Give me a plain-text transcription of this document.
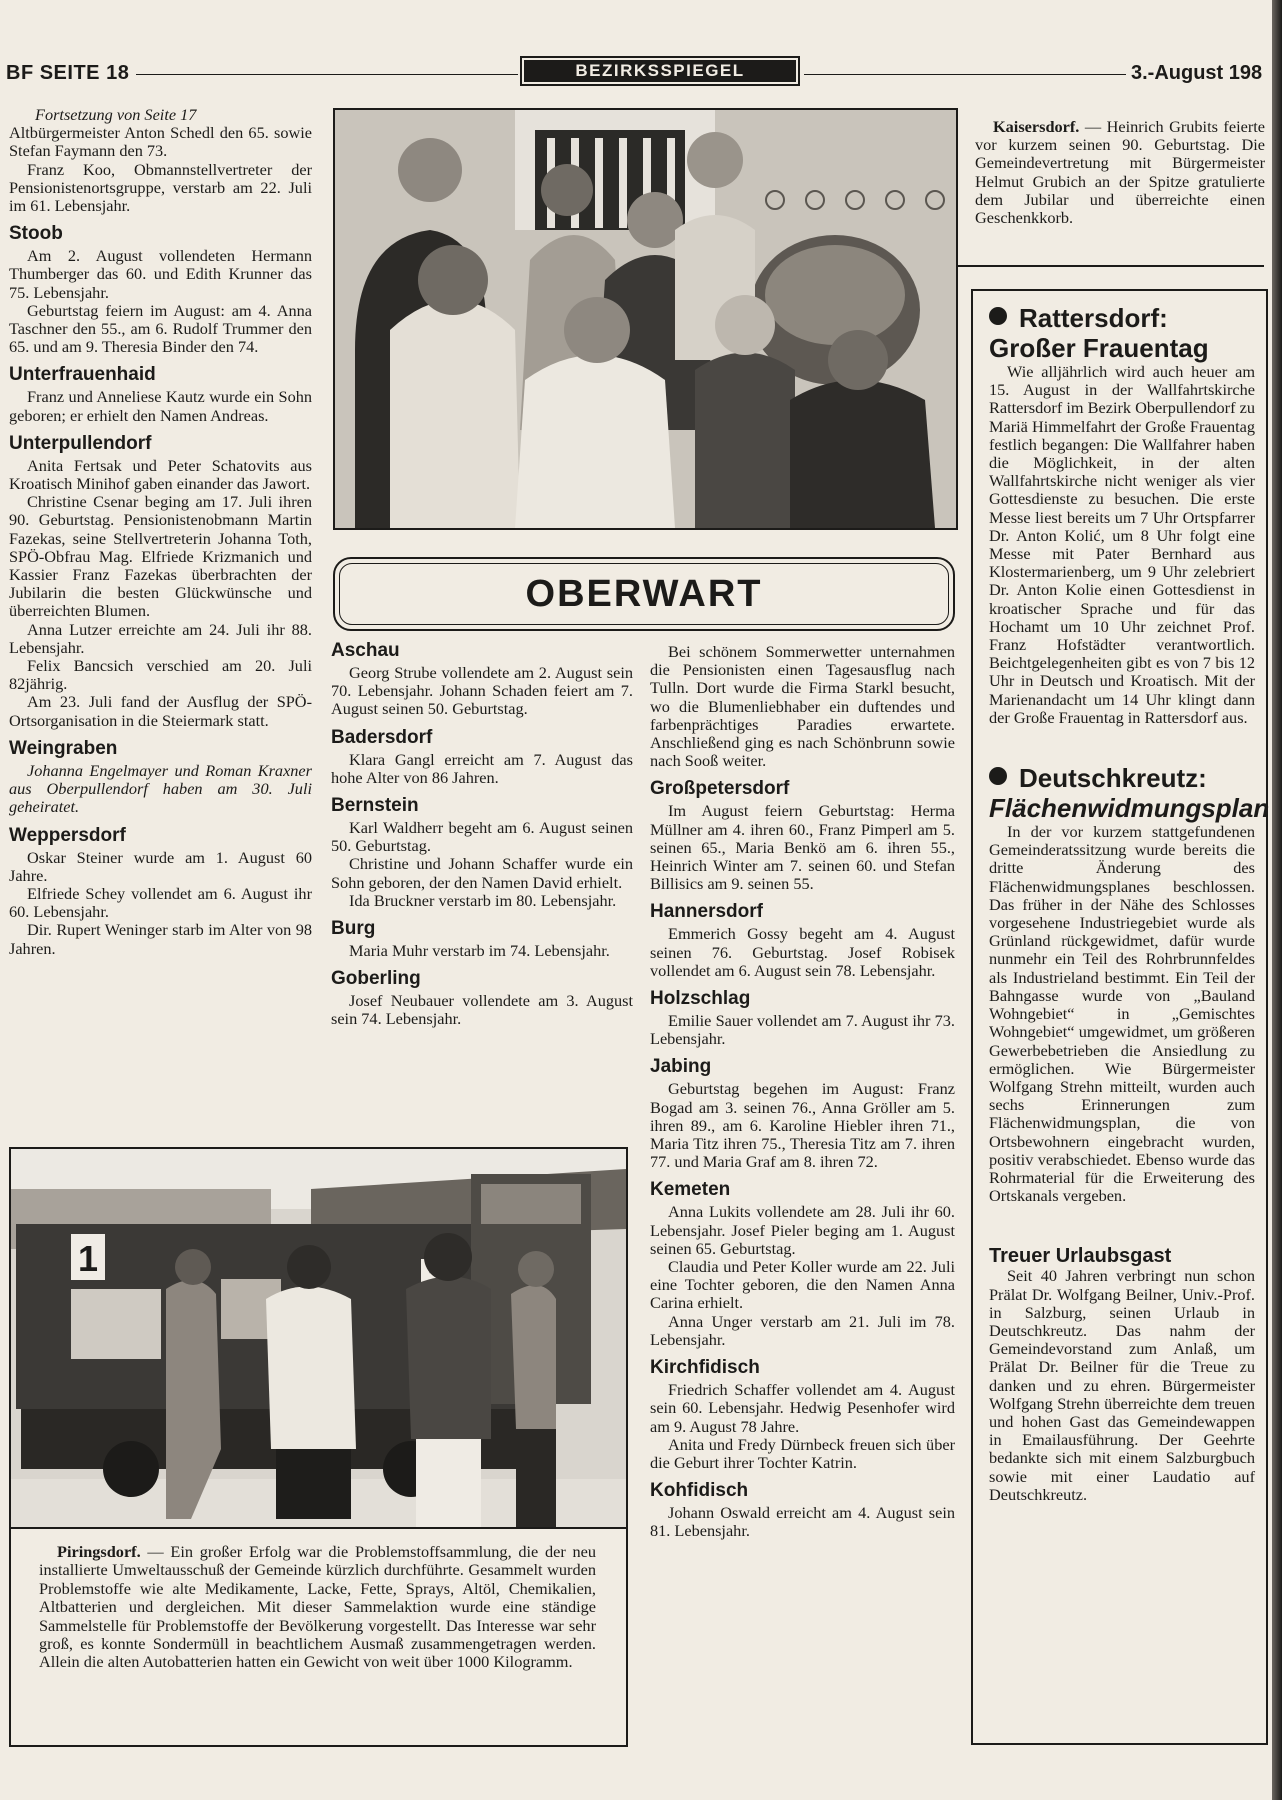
BF SEITE 18	BEZIRKSSPIEGEL	3.-August 198

Fortsetzung von Seite 17

Altbürgermeister Anton Schedl den 65. sowie Stefan Faymann den 73.

Franz Koo, Obmannstellvertreter der Pensionistenortsgruppe, verstarb am 22. Juli im 61. Lebensjahr.

Stoob

Am 2. August vollendeten Hermann Thumberger das 60. und Edith Krunner das 75. Lebensjahr.

Geburtstag feiern im August: am 4. Anna Taschner den 55., am 6. Rudolf Trummer den 65. und am 9. Theresia Binder den 74.

Unterfrauenhaid

Franz und Anneliese Kautz wurde ein Sohn geboren; er erhielt den Namen Andreas.

Unterpullendorf

Anita Fertsak und Peter Schatovits aus Kroatisch Minihof gaben einander das Jawort.

Christine Csenar beging am 17. Juli ihren 90. Geburtstag. Pensionistenobmann Martin Fazekas, seine Stellvertreterin Johanna Toth, SPÖ-Obfrau Mag. Elfriede Krizmanich und Kassier Franz Fazekas überbrachten der Jubilarin die besten Glückwünsche und überreichten Blumen.

Anna Lutzer erreichte am 24. Juli ihr 88. Lebensjahr.

Felix Bancsich verschied am 20. Juli 82jährig.

Am 23. Juli fand der Ausflug der SPÖ-Ortsorganisation in die Steiermark statt.

Weingraben

Johanna Engelmayer und Roman Kraxner aus Oberpullendorf haben am 30. Juli geheiratet.

Weppersdorf

Oskar Steiner wurde am 1. August 60 Jahre.

Elfriede Schey vollendet am 6. August ihr 60. Lebensjahr.

Dir. Rupert Weninger starb im Alter von 98 Jahren.

OBERWART
Aschau

Georg Strube vollendete am 2. August sein 70. Lebensjahr. Johann Schaden feiert am 7. August seinen 50. Geburtstag.

Badersdorf

Klara Gangl erreicht am 7. August das hohe Alter von 86 Jahren.

Bernstein

Karl Waldherr begeht am 6. August seinen 50. Geburtstag.

Christine und Johann Schaffer wurde ein Sohn geboren, der den Namen David erhielt.

Ida Bruckner verstarb im 80. Lebensjahr.

Burg

Maria Muhr verstarb im 74. Lebensjahr.

Goberling

Josef Neubauer vollendete am 3. August sein 74. Lebensjahr.

Bei schönem Sommerwetter unternahmen die Pensionisten einen Tagesausflug nach Tulln. Dort wurde die Firma Starkl besucht, wo die Blumenliebhaber ein duftendes und farbenprächtiges Paradies erwartete. Anschließend ging es nach Schönbrunn sowie nach Sooß weiter.

Großpetersdorf

Im August feiern Geburtstag: Herma Müllner am 4. ihren 60., Franz Pimperl am 5. seinen 65., Maria Benkö am 6. ihren 55., Heinrich Winter am 7. seinen 60. und Stefan Billisics am 9. seinen 55.

Hannersdorf

Emmerich Gossy begeht am 4. August seinen 76. Geburtstag. Josef Robisek vollendet am 6. August sein 78. Lebensjahr.

Holzschlag

Emilie Sauer vollendet am 7. August ihr 73. Lebensjahr.

Jabing

Geburtstag begehen im August: Franz Bogad am 3. seinen 76., Anna Gröller am 5. ihren 89., am 6. Karoline Hiebler ihren 71., Maria Titz ihren 75., Theresia Titz am 7. ihren 77. und Maria Graf am 8. ihren 72.

Kemeten

Anna Lukits vollendete am 28. Juli ihr 60. Lebensjahr. Josef Pieler beging am 1. August seinen 65. Geburtstag.

Claudia und Peter Koller wurde am 22. Juli eine Tochter geboren, die den Namen Anna Carina erhielt.

Anna Unger verstarb am 21. Juli im 78. Lebensjahr.

Kirchfidisch

Friedrich Schaffer vollendet am 4. August sein 60. Lebensjahr. Hedwig Pesenhofer wird am 9. August 78 Jahre.

Anita und Fredy Dürnbeck freuen sich über die Geburt ihrer Tochter Katrin.

Kohfidisch

Johann Oswald erreicht am 4. August sein 81. Lebensjahr.

1

Piringsdorf. — Ein großer Erfolg war die Problemstoffsammlung, die der neu installierte Umweltausschuß der Gemeinde kürzlich durchführte. Gesammelt wurden Problemstoffe wie alte Medikamente, Lacke, Fette, Sprays, Altöl, Chemikalien, Altbatterien und dergleichen. Mit dieser Sammelaktion wurde eine ständige Sammelstelle für Problemstoffe der Bevölkerung vorgestellt. Das Interesse war sehr groß, es konnte Sondermüll in beachtlichem Ausmaß zusammengetragen werden. Allein die alten Autobatterien hatten ein Gewicht von weit über 1000 Kilogramm.

Kaisersdorf. — Heinrich Grubits feierte vor kurzem seinen 90. Geburtstag. Die Gemeindevertretung mit Bürgermeister Helmut Grubich an der Spitze gratulierte dem Jubilar und überreichte einen Geschenkkorb.

Rattersdorf:
Großer Frauentag

Wie alljährlich wird auch heuer am 15. August in der Wallfahrtskirche Rattersdorf im Bezirk Oberpullendorf zu Mariä Himmelfahrt der Große Frauentag festlich begangen: Die Wallfahrer haben die Möglichkeit, in der alten Wallfahrtskirche nicht weniger als vier Gottesdienste zu besuchen. Die erste Messe liest bereits um 7 Uhr Ortspfarrer Dr. Anton Kolić, um 8 Uhr folgt eine Messe mit Pater Bernhard aus Klostermarienberg, um 9 Uhr zelebriert Dr. Anton Kolie einen Gottesdienst in kroatischer Sprache und für das Hochamt um 10 Uhr zeichnet Prof. Franz Hofstädter verantwortlich. Beichtgelegenheiten gibt es von 7 bis 12 Uhr in Deutsch und Kroatisch. Mit der Marienandacht um 14 Uhr klingt dann der Große Frauentag in Rattersdorf aus.

Deutschkreutz:
Flächenwidmungsplan

In der vor kurzem stattgefundenen Gemeinderatssitzung wurde bereits die dritte Änderung des Flächenwidmungsplanes beschlossen. Das früher in der Nähe des Schlosses vorgesehene Industriegebiet wurde als Grünland rückgewidmet, dafür wurde nunmehr ein Teil des Rohrbrunnfeldes als Industrieland bestimmt. Ein Teil der Bahngasse wurde von „Bauland Wohngebiet“ in „Gemischtes Wohngebiet“ umgewidmet, um größeren Gewerbebetrieben die Ansiedlung zu ermöglichen. Wie Bürgermeister Wolfgang Strehn mitteilt, wurden auch sechs Erinnerungen zum Flächenwidmungsplan, die von Ortsbewohnern eingebracht wurden, positiv verabschiedet. Ebenso wurde das Rohrmaterial für die Erweiterung des Ortskanals vergeben.

Treuer Urlaubsgast

Seit 40 Jahren verbringt nun schon Prälat Dr. Wolfgang Beilner, Univ.-Prof. in Salzburg, seinen Urlaub in Deutschkreutz. Das nahm der Gemeindevorstand zum Anlaß, um Prälat Dr. Beilner für die Treue zu danken und zu ehren. Bürgermeister Wolfgang Strehn überreichte dem treuen und hohen Gast das Gemeindewappen in Emailausführung. Der Geehrte bedankte sich mit einem Salzburgbuch sowie mit einer Laudatio auf Deutschkreutz.
